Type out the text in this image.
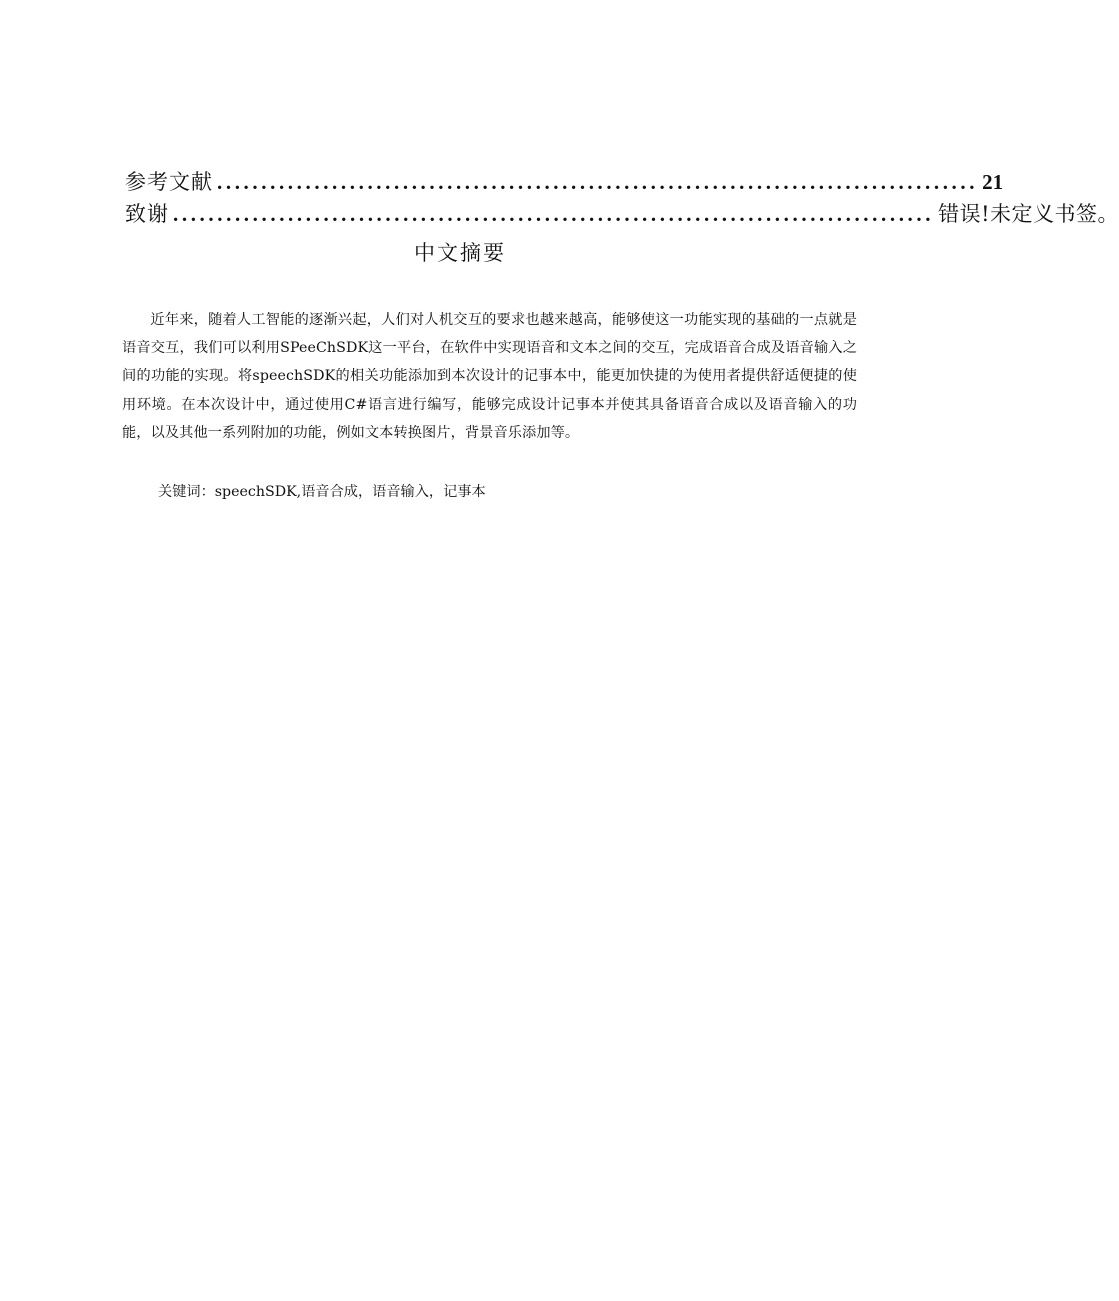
参考文献 ...................................................................................... 21
致谢 ...................................................................................... 错误!未定义书签。
中文摘要

近年来，随着人工智能的逐渐兴起，人们对人机交互的要求也越来越高，能够使这一功能实现的基础的一点就是语音交互，我们可以利用SPeeChSDK这一平台，在软件中实现语音和文本之间的交互，完成语音合成及语音输入之间的功能的实现。将speechSDK的相关功能添加到本次设计的记事本中，能更加快捷的为使用者提供舒适便捷的使用环境。在本次设计中，通过使用C#语言进行编写，能够完成设计记事本并使其具备语音合成以及语音输入的功能，以及其他一系列附加的功能，例如文本转换图片，背景音乐添加等。

关键词：speechSDK,语音合成，语音输入，记事本
